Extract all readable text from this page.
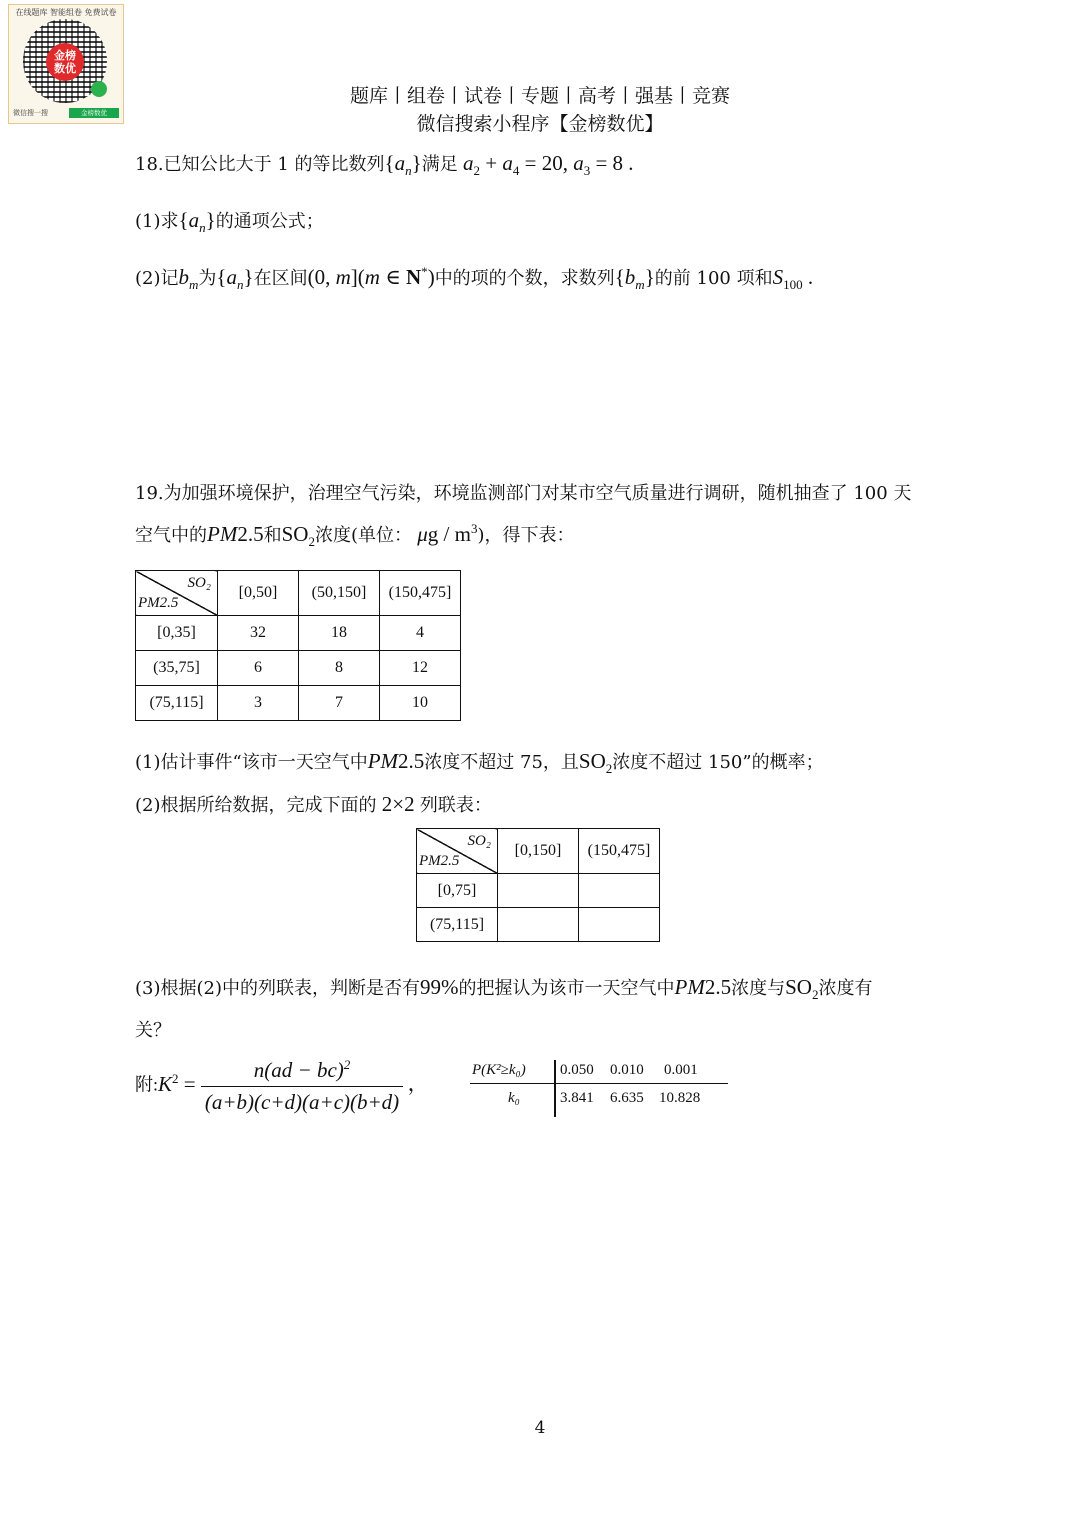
在线题库 智能组卷 免费试卷
金榜
数优
微信搜一搜	金榜数优
题库丨组卷丨试卷丨专题丨高考丨强基丨竞赛
微信搜索小程序【金榜数优】
18.已知公比大于 1 的等比数列$\{a_n\}$满足 $a_2 + a_4 = 20$, $a_3 = 8$ .
(1)求$\{a_n\}$的通项公式；
(2)记$b_m$为$\{a_n\}$在区间(0, m](m ∈ N*)中的项的个数，求数列$\{b_m\}$的前 100 项和$S_{100}$ .
19.为加强环境保护，治理空气污染，环境监测部门对某市空气质量进行调研，随机抽查了 100 天
空气中的PM2.5和$SO_2$浓度(单位： μg / $m^3$)，得下表：
SO₂
PM2.5	[0,50]	(50,150]	(150,475]
[0,35]	32	18	4
(35,75]	6	8	12
(75,115]	3	7	10
(1)估计事件“该市一天空气中PM2.5浓度不超过 75，且$SO_2$浓度不超过 150”的概率；
(2)根据所给数据，完成下面的 2×2 列联表：
SO₂
PM2.5	[0,150]	(150,475]
[0,75]		
(75,115]		
(3)根据(2)中的列联表，判断是否有99%的把握认为该市一天空气中PM2.5浓度与$SO_2$浓度有
关？
附$:K^2 = \frac{n(ad - bc)^2}{(a+b)(c+d)(a+c)(b+d)}$ ，
P(K²≥k₀) 0.050 0.010 0.001
k₀	3.841 6.635 10.828
4
